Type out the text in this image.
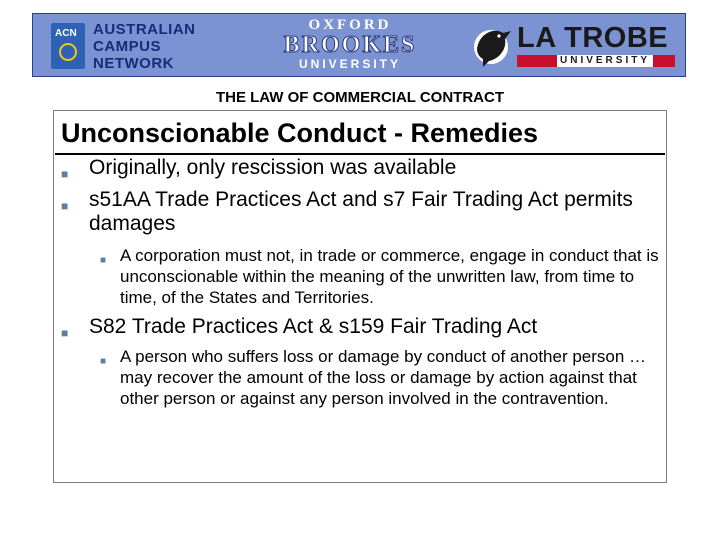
ACN AUSTRALIAN
CAMPUS
NETWORK
OXFORD
BROOKES
UNIVERSITY
LA TROBE
UNIVERSITY
THE LAW OF COMMERCIAL CONTRACT
Unconscionable Conduct - Remedies
■ Originally, only rescission was available
■ s51AA Trade Practices Act and s7 Fair Trading Act permits damages
■ A corporation must not, in trade or commerce, engage in conduct that is unconscionable within the meaning of the unwritten law, from time to time, of the States and Territories.
■ S82 Trade Practices Act & s159 Fair Trading Act
■ A person who suffers loss or damage by conduct of another person … may recover the amount of the loss or damage by action against that other person or against any person involved in the contravention.
